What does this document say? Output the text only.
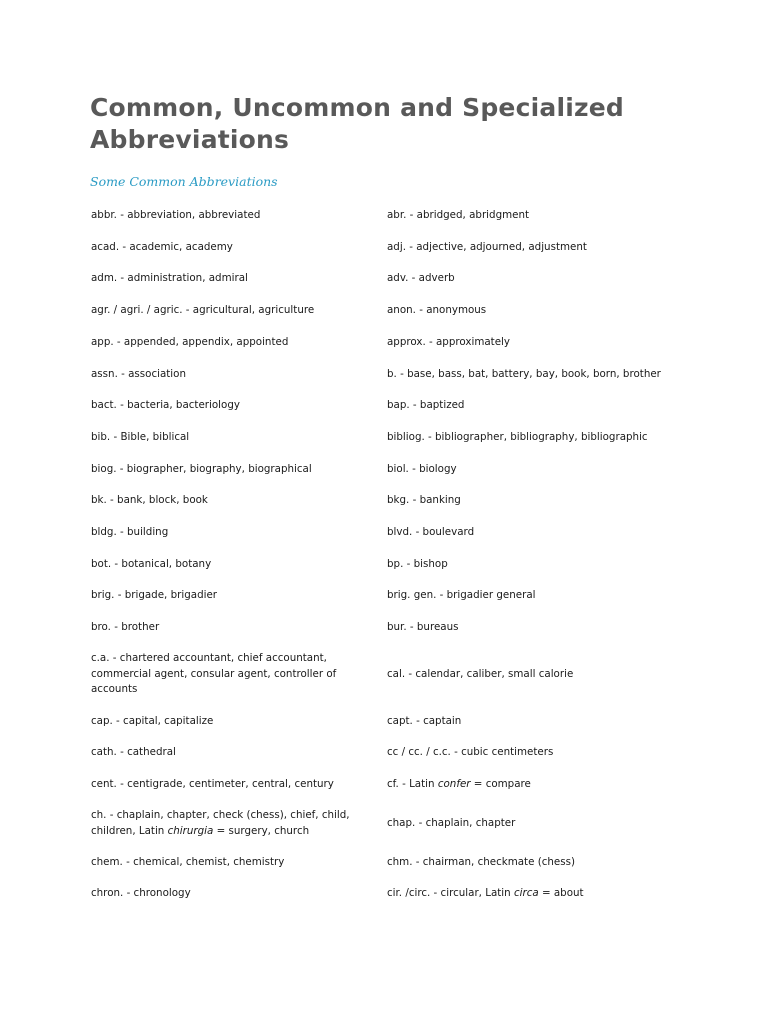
Common, Uncommon and Specialized Abbreviations
Some Common Abbreviations
abbr. - abbreviation, abbreviated	abr. - abridged, abridgment
acad. - academic, academy	adj. - adjective, adjourned, adjustment
adm. - administration, admiral	adv. - adverb
agr. / agri. / agric. - agricultural, agriculture	anon. - anonymous
app. - appended, appendix, appointed	approx. - approximately
assn. - association	b. - base, bass, bat, battery, bay, book, born, brother
bact. - bacteria, bacteriology	bap. - baptized
bib. - Bible, biblical	bibliog. - bibliographer, bibliography, bibliographic
biog. - biographer, biography, biographical	biol. - biology
bk. - bank, block, book	bkg. - banking
bldg. - building	blvd. - boulevard
bot. - botanical, botany	bp. - bishop
brig. - brigade, brigadier	brig. gen. - brigadier general
bro. - brother	bur. - bureaus
c.a. - chartered accountant, chief accountant, commercial agent, consular agent, controller of accounts	cal. - calendar, caliber, small calorie
cap. - capital, capitalize	capt. - captain
cath. - cathedral	cc / cc. / c.c. - cubic centimeters
cent. - centigrade, centimeter, central, century	cf. - Latin confer = compare
ch. - chaplain, chapter, check (chess), chief, child, children, Latin chirurgia = surgery, church	chap. - chaplain, chapter
chem. - chemical, chemist, chemistry	chm. - chairman, checkmate (chess)
chron. - chronology	cir. /circ. - circular, Latin circa = about
